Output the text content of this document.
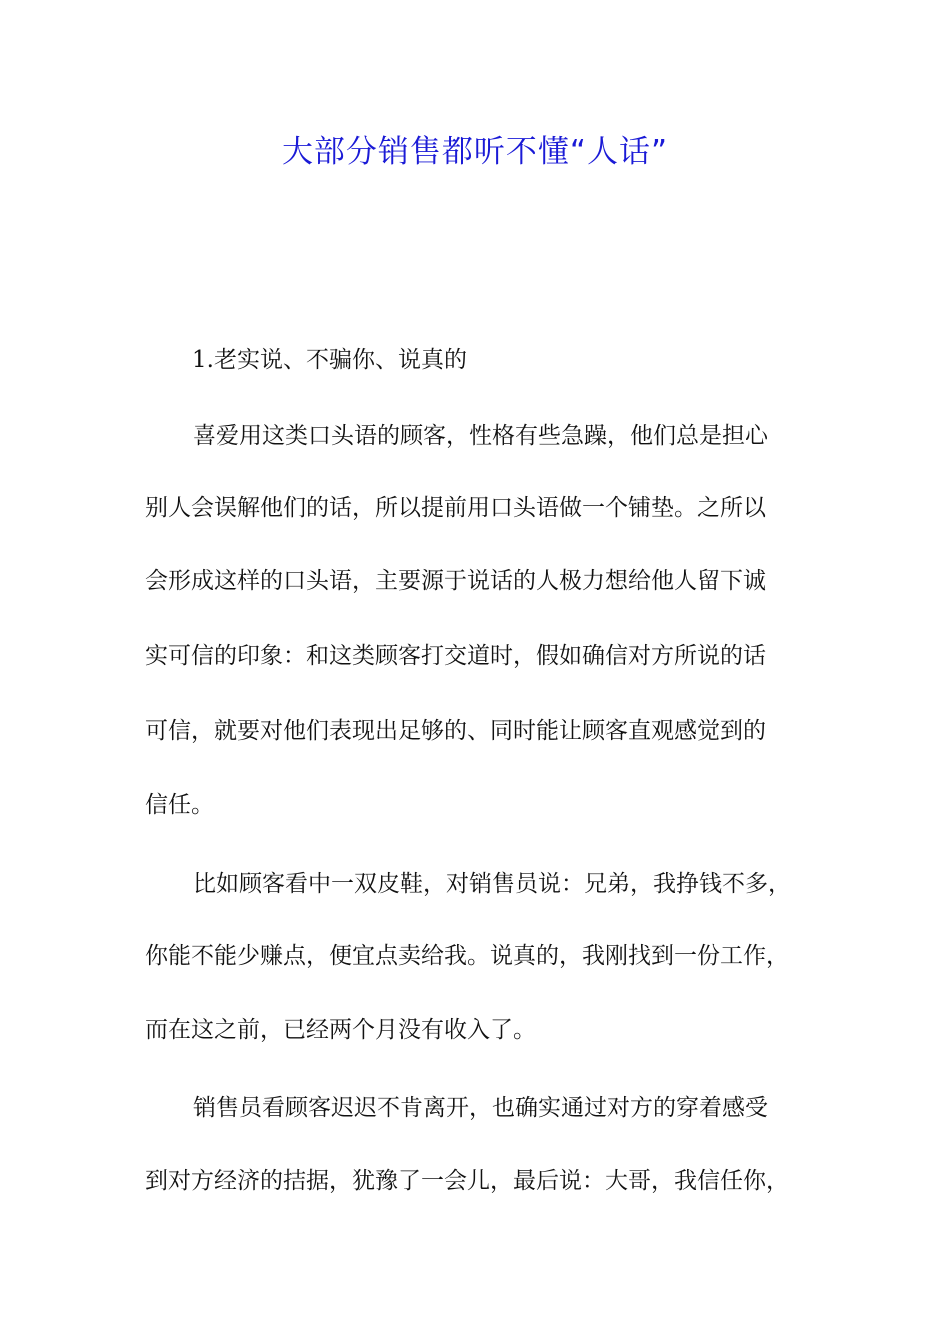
大部分销售都听不懂“人话”
1.老实说、不骗你、说真的
喜爱用这类口头语的顾客，性格有些急躁，他们总是担心
别人会误解他们的话，所以提前用口头语做一个铺垫。之所以
会形成这样的口头语，主要源于说话的人极力想给他人留下诚
实可信的印象：和这类顾客打交道时，假如确信对方所说的话
可信，就要对他们表现出足够的、同时能让顾客直观感觉到的
信任。
比如顾客看中一双皮鞋，对销售员说：兄弟，我挣钱不多，
你能不能少赚点，便宜点卖给我。说真的，我刚找到一份工作，
而在这之前，已经两个月没有收入了。
销售员看顾客迟迟不肯离开，也确实通过对方的穿着感受
到对方经济的拮据，犹豫了一会儿，最后说：大哥，我信任你，
